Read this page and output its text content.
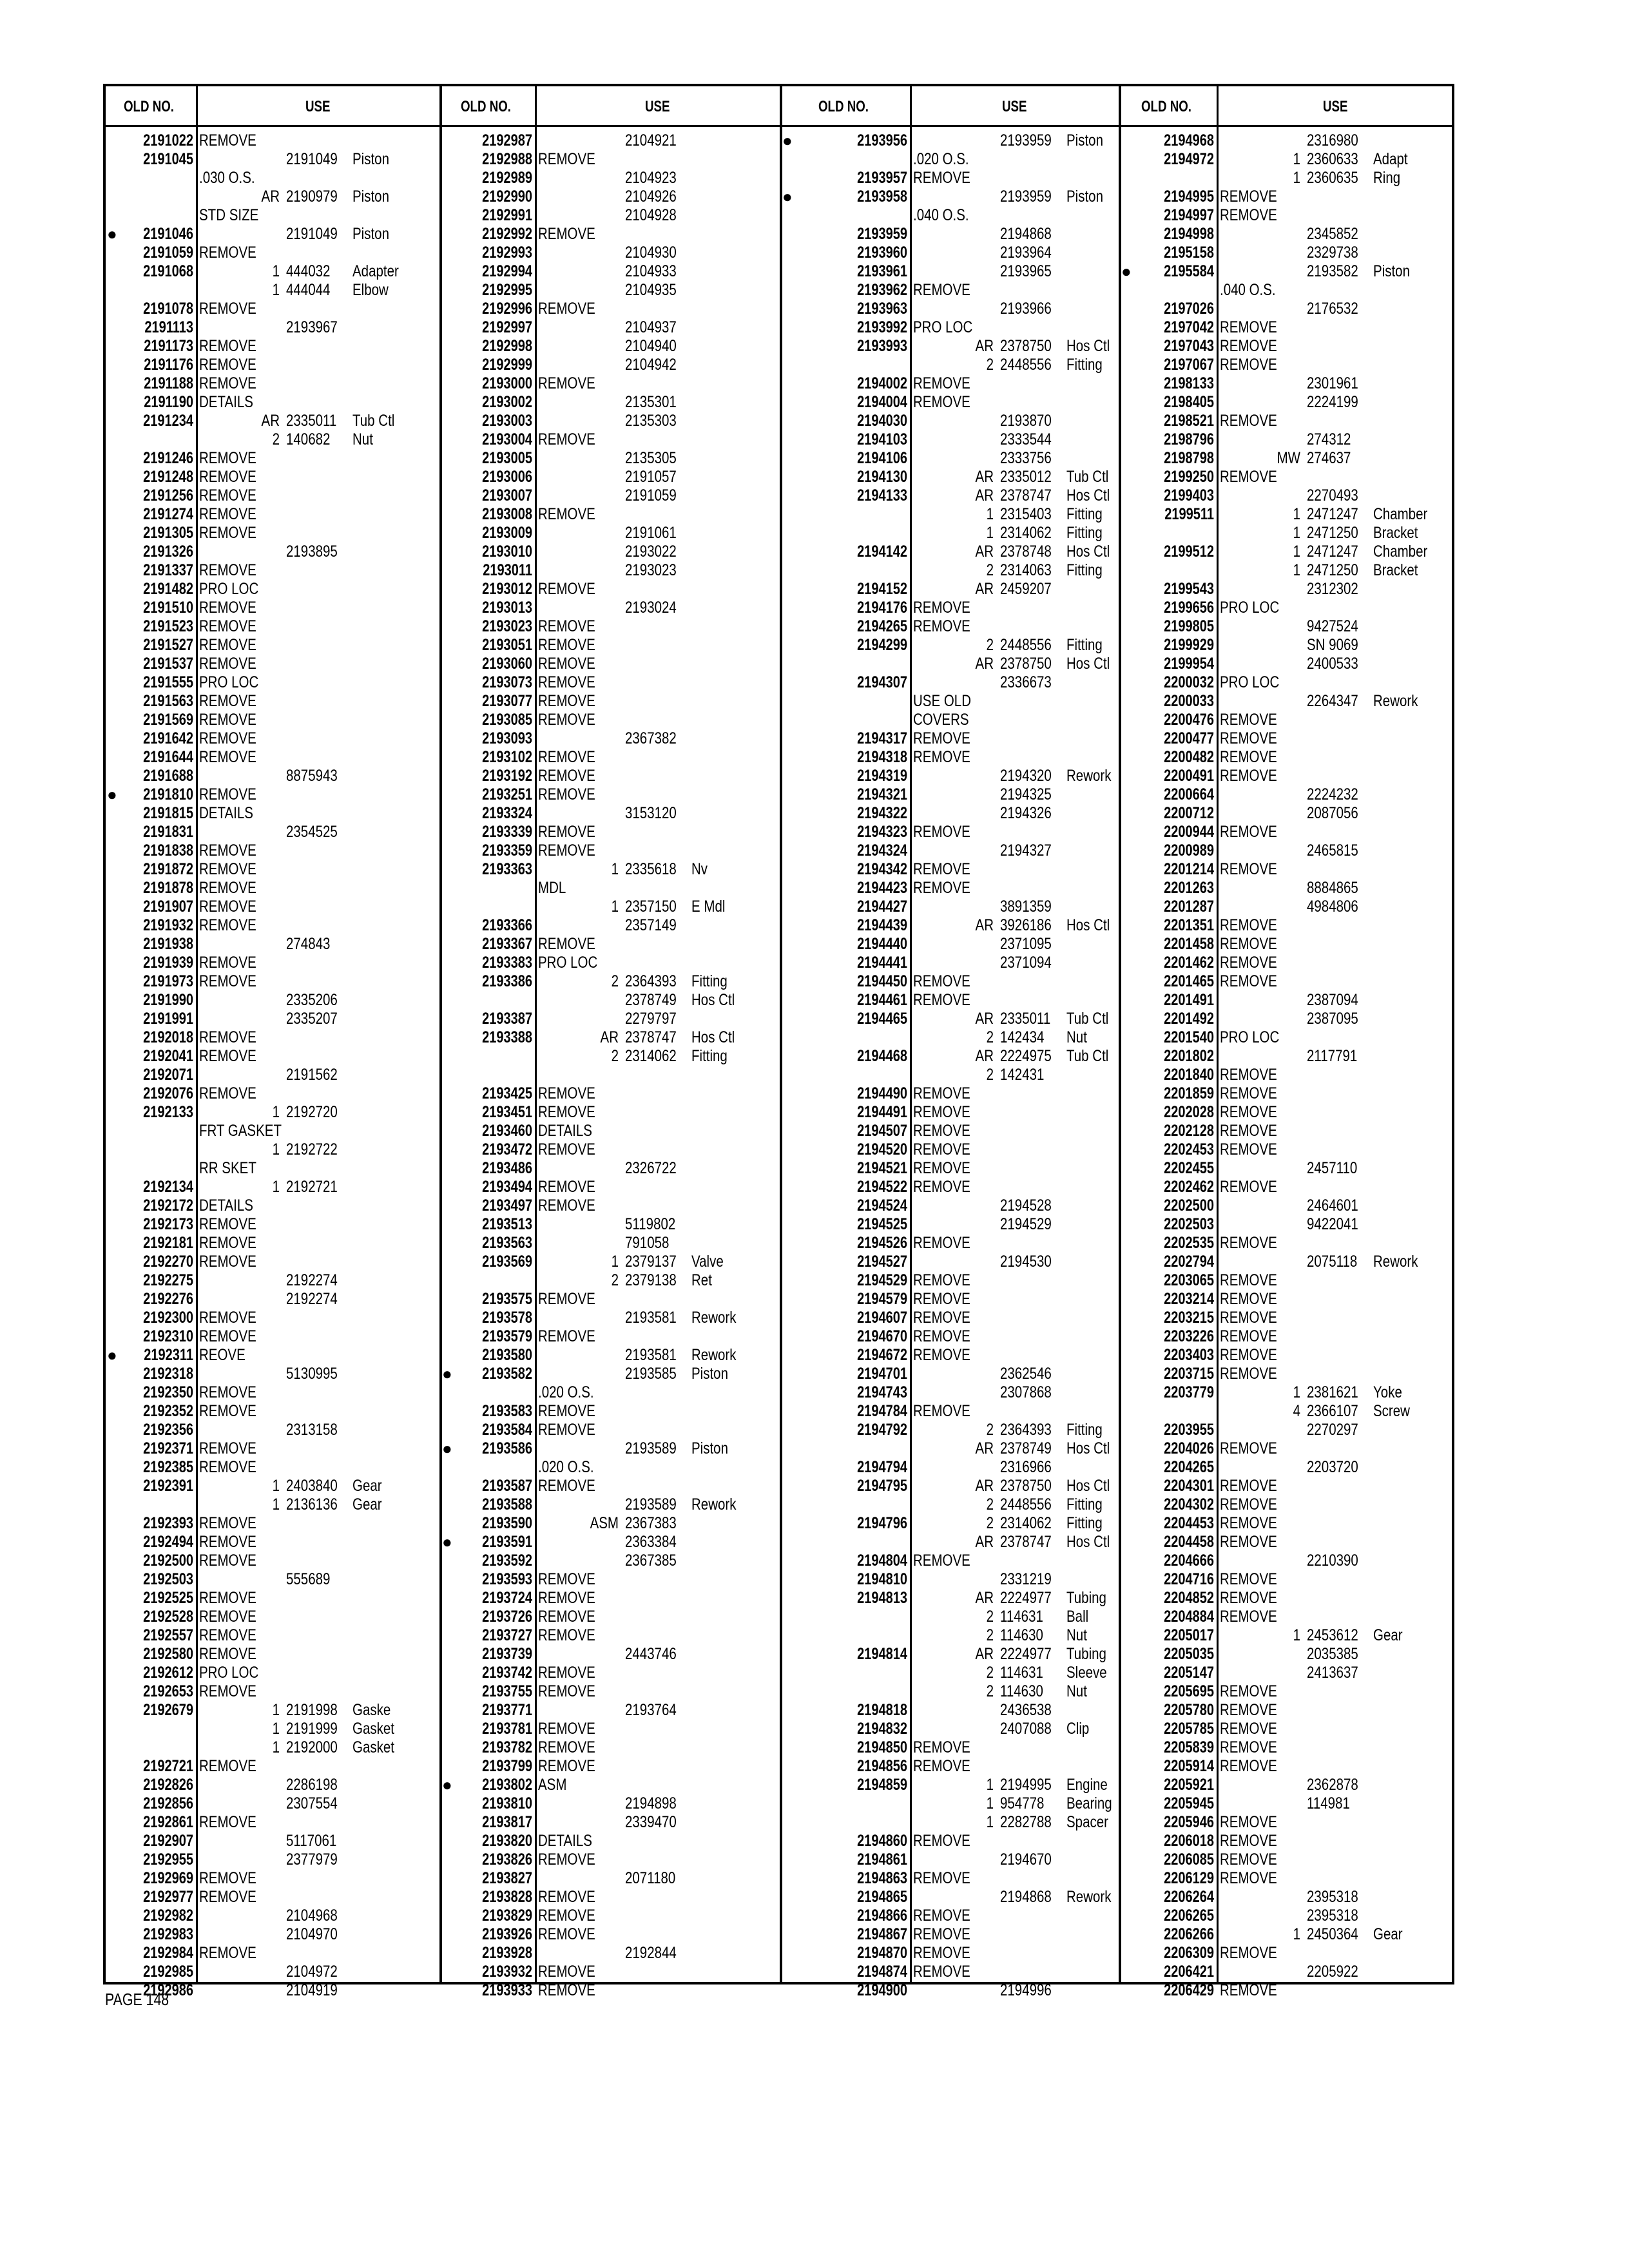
OLD NO.	USE
2191022 REMOVE
2191045	2191049 Piston
.030 O.S.
AR 2190979 Piston
STD SIZE
●	2191046	2191049 Piston
2191059 REMOVE
2191068	1 444032 Adapter
1 444044 Elbow
2191078 REMOVE
2191113	2193967
2191173 REMOVE
2191176 REMOVE
2191188 REMOVE
2191190 DETAILS
2191234	AR 2335011 Tub Ctl
2 140682 Nut
2191246 REMOVE
2191248 REMOVE
2191256 REMOVE
2191274 REMOVE
2191305 REMOVE
2191326	2193895
2191337 REMOVE
2191482 PRO LOC
2191510 REMOVE
2191523 REMOVE
2191527 REMOVE
2191537 REMOVE
2191555 PRO LOC
2191563 REMOVE
2191569 REMOVE
2191642 REMOVE
2191644 REMOVE
2191688	8875943
●	2191810 REMOVE
2191815 DETAILS
2191831	2354525
2191838 REMOVE
2191872 REMOVE
2191878 REMOVE
2191907 REMOVE
2191932 REMOVE
2191938	274843
2191939 REMOVE
2191973 REMOVE
2191990	2335206
2191991	2335207
2192018 REMOVE
2192041 REMOVE
2192071	2191562
2192076 REMOVE
2192133	1 2192720
FRT GASKET
1 2192722
RR SKET
2192134	1 2192721
2192172 DETAILS
2192173 REMOVE
2192181 REMOVE
2192270 REMOVE
2192275	2192274
2192276	2192274
2192300 REMOVE
2192310 REMOVE
●	2192311 REOVE
2192318	5130995
2192350 REMOVE
2192352 REMOVE
2192356	2313158
2192371 REMOVE
2192385 REMOVE
2192391	1 2403840 Gear
1 2136136 Gear
2192393 REMOVE
2192494 REMOVE
2192500 REMOVE
2192503	555689
2192525 REMOVE
2192528 REMOVE
2192557 REMOVE
2192580 REMOVE
2192612 PRO LOC
2192653 REMOVE
2192679	1 2191998 Gaske
1 2191999 Gasket
1 2192000 Gasket
2192721 REMOVE
2192826	2286198
2192856	2307554
2192861 REMOVE
2192907	5117061
2192955	2377979
2192969 REMOVE
2192977 REMOVE
2192982	2104968
2192983	2104970
2192984 REMOVE
2192985	2104972
2192986	2104919
OLD NO.	USE
2192987	2104921
2192988 REMOVE
2192989	2104923
2192990	2104926
2192991	2104928
2192992 REMOVE
2192993	2104930
2192994	2104933
2192995	2104935
2192996 REMOVE
2192997	2104937
2192998	2104940
2192999	2104942
2193000 REMOVE
2193002	2135301
2193003	2135303
2193004 REMOVE
2193005	2135305
2193006	2191057
2193007	2191059
2193008 REMOVE
2193009	2191061
2193010	2193022
2193011	2193023
2193012 REMOVE
2193013	2193024
2193023 REMOVE
2193051 REMOVE
2193060 REMOVE
2193073 REMOVE
2193077 REMOVE
2193085 REMOVE
2193093	2367382
2193102 REMOVE
2193192 REMOVE
2193251 REMOVE
2193324	3153120
2193339 REMOVE
2193359 REMOVE
2193363	1 2335618 Nv
MDL
1 2357150 E Mdl
2193366	2357149
2193367 REMOVE
2193383 PRO LOC
2193386	2 2364393 Fitting
2378749 Hos Ctl
2193387	2279797
2193388	AR 2378747 Hos Ctl
2 2314062 Fitting
2193425 REMOVE
2193451 REMOVE
2193460 DETAILS
2193472 REMOVE
2193486	2326722
2193494 REMOVE
2193497 REMOVE
2193513	5119802
2193563	791058
2193569	1 2379137 Valve
2 2379138 Ret
2193575 REMOVE
2193578	2193581 Rework
2193579 REMOVE
2193580	2193581 Rework
●	2193582	2193585 Piston
.020 O.S.
2193583 REMOVE
2193584 REMOVE
●	2193586	2193589 Piston
.020 O.S.
2193587 REMOVE
2193588	2193589 Rework
2193590	ASM 2367383
●	2193591	2363384
2193592	2367385
2193593 REMOVE
2193724 REMOVE
2193726 REMOVE
2193727 REMOVE
2193739	2443746
2193742 REMOVE
2193755 REMOVE
2193771	2193764
2193781 REMOVE
2193782 REMOVE
2193799 REMOVE
●	2193802 ASM
2193810	2194898
2193817	2339470
2193820 DETAILS
2193826 REMOVE
2193827	2071180
2193828 REMOVE
2193829 REMOVE
2193926 REMOVE
2193928	2192844
2193932 REMOVE
2193933 REMOVE
OLD NO.	USE
●	2193956	2193959 Piston
.020 O.S.
2193957 REMOVE
●	2193958	2193959 Piston
.040 O.S.
2193959	2194868
2193960	2193964
2193961	2193965
2193962 REMOVE
2193963	2193966
2193992 PRO LOC
2193993	AR 2378750 Hos Ctl
2 2448556 Fitting
2194002 REMOVE
2194004 REMOVE
2194030	2193870
2194103	2333544
2194106	2333756
2194130	AR 2335012 Tub Ctl
2194133	AR 2378747 Hos Ctl
1 2315403 Fitting
1 2314062 Fitting
2194142	AR 2378748 Hos Ctl
2 2314063 Fitting
2194152	AR 2459207
2194176 REMOVE
2194265 REMOVE
2194299	2 2448556 Fitting
AR 2378750 Hos Ctl
2194307	2336673
USE OLD
COVERS
2194317 REMOVE
2194318 REMOVE
2194319	2194320 Rework
2194321	2194325
2194322	2194326
2194323 REMOVE
2194324	2194327
2194342 REMOVE
2194423 REMOVE
2194427	3891359
2194439	AR 3926186 Hos Ctl
2194440	2371095
2194441	2371094
2194450 REMOVE
2194461 REMOVE
2194465	AR 2335011 Tub Ctl
2 142434 Nut
2194468	AR 2224975 Tub Ctl
2 142431
2194490 REMOVE
2194491 REMOVE
2194507 REMOVE
2194520 REMOVE
2194521 REMOVE
2194522 REMOVE
2194524	2194528
2194525	2194529
2194526 REMOVE
2194527	2194530
2194529 REMOVE
2194579 REMOVE
2194607 REMOVE
2194670 REMOVE
2194672 REMOVE
2194701	2362546
2194743	2307868
2194784 REMOVE
2194792	2 2364393 Fitting
AR 2378749 Hos Ctl
2194794	2316966
2194795	AR 2378750 Hos Ctl
2 2448556 Fitting
2194796	2 2314062 Fitting
AR 2378747 Hos Ctl
2194804 REMOVE
2194810	2331219
2194813	AR 2224977 Tubing
2 114631 Ball
2 114630 Nut
2194814	AR 2224977 Tubing
2 114631 Sleeve
2 114630 Nut
2194818	2436538
2194832	2407088 Clip
2194850 REMOVE
2194856 REMOVE
2194859	1 2194995 Engine
1 954778 Bearing
1 2282788 Spacer
2194860 REMOVE
2194861	2194670
2194863 REMOVE
2194865	2194868 Rework
2194866 REMOVE
2194867 REMOVE
2194870 REMOVE
2194874 REMOVE
2194900	2194996
OLD NO.	USE
2194968	2316980
2194972	1 2360633 Adapt
1 2360635 Ring
2194995 REMOVE
2194997 REMOVE
2194998	2345852
2195158	2329738
●	2195584	2193582 Piston
.040 O.S.
2197026	2176532
2197042 REMOVE
2197043 REMOVE
2197067 REMOVE
2198133	2301961
2198405	2224199
2198521 REMOVE
2198796	274312
2198798	MW 274637
2199250 REMOVE
2199403	2270493
2199511	1 2471247 Chamber
1 2471250 Bracket
2199512	1 2471247 Chamber
1 2471250 Bracket
2199543	2312302
2199656 PRO LOC
2199805	9427524
2199929	SN 9069
2199954	2400533
2200032 PRO LOC
2200033	2264347 Rework
2200476 REMOVE
2200477 REMOVE
2200482 REMOVE
2200491 REMOVE
2200664	2224232
2200712	2087056
2200944 REMOVE
2200989	2465815
2201214 REMOVE
2201263	8884865
2201287	4984806
2201351 REMOVE
2201458 REMOVE
2201462 REMOVE
2201465 REMOVE
2201491	2387094
2201492	2387095
2201540 PRO LOC
2201802	2117791
2201840 REMOVE
2201859 REMOVE
2202028 REMOVE
2202128 REMOVE
2202453 REMOVE
2202455	2457110
2202462 REMOVE
2202500	2464601
2202503	9422041
2202535 REMOVE
2202794	2075118 Rework
2203065 REMOVE
2203214 REMOVE
2203215 REMOVE
2203226 REMOVE
2203403 REMOVE
2203715 REMOVE
2203779	1 2381621 Yoke
4 2366107 Screw
2203955	2270297
2204026 REMOVE
2204265	2203720
2204301 REMOVE
2204302 REMOVE
2204453 REMOVE
2204458 REMOVE
2204666	2210390
2204716 REMOVE
2204852 REMOVE
2204884 REMOVE
2205017	1 2453612 Gear
2205035	2035385
2205147	2413637
2205695 REMOVE
2205780 REMOVE
2205785 REMOVE
2205839 REMOVE
2205914 REMOVE
2205921	2362878
2205945	114981
2205946 REMOVE
2206018 REMOVE
2206085 REMOVE
2206129 REMOVE
2206264	2395318
2206265	2395318
2206266	1 2450364 Gear
2206309 REMOVE
2206421	2205922
2206429 REMOVE
PAGE 148
